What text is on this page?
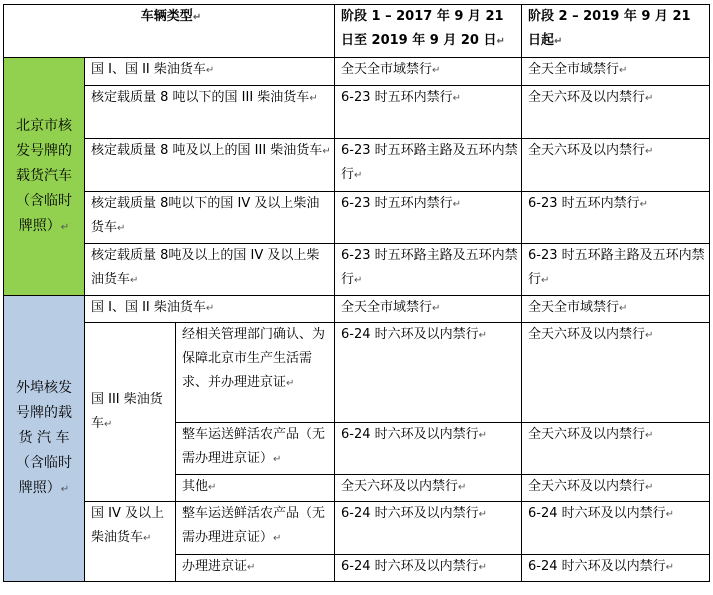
车辆类型↵			阶段 1 – 2017 年 9 月 21 日至 2019 年 9 月 20 日↵	阶段 2 – 2019 年 9 月 21 日起↵
北京市核发号牌的载货汽车（含临时牌照）↵	国 I、国 II 柴油货车↵		全天全市域禁行↵	全天全市域禁行↵
	核定载质量 8 吨以下的国 III 柴油货车↵		6-23 时五环内禁行↵	全天六环及以内禁行↵
	核定载质量 8 吨及以上的国 III 柴油货车↵		6-23 时五环路主路及五环内禁行↵	全天六环及以内禁行↵
	核定载质量 8吨以下的国 IV 及以上柴油货车↵		6-23 时五环内禁行↵	6-23 时五环内禁行↵
	核定载质量 8吨及以上的国 IV 及以上柴油货车↵		6-23 时五环路主路及五环内禁行↵	6-23 时五环路主路及五环内禁行↵
外埠核发号牌的载货 汽 车（含临时牌照）↵	国 I、国 II 柴油货车↵		全天全市域禁行↵	全天全市域禁行↵
	国 III 柴油货车↵	经相关管理部门确认、为保障北京市生产生活需求、并办理进京证↵	6-24 时六环及以内禁行↵	全天六环及以内禁行↵
		整车运送鲜活农产品（无需办理进京证）↵	6-24 时六环及以内禁行↵	全天六环及以内禁行↵
		其他↵	全天六环及以内禁行↵	全天六环及以内禁行↵
	国 IV 及以上柴油货车↵	整车运送鲜活农产品（无需办理进京证）↵	6-24 时六环及以内禁行↵	6-24 时六环及以内禁行↵
		办理进京证↵	6-24 时六环及以内禁行↵	6-24 时六环及以内禁行↵
